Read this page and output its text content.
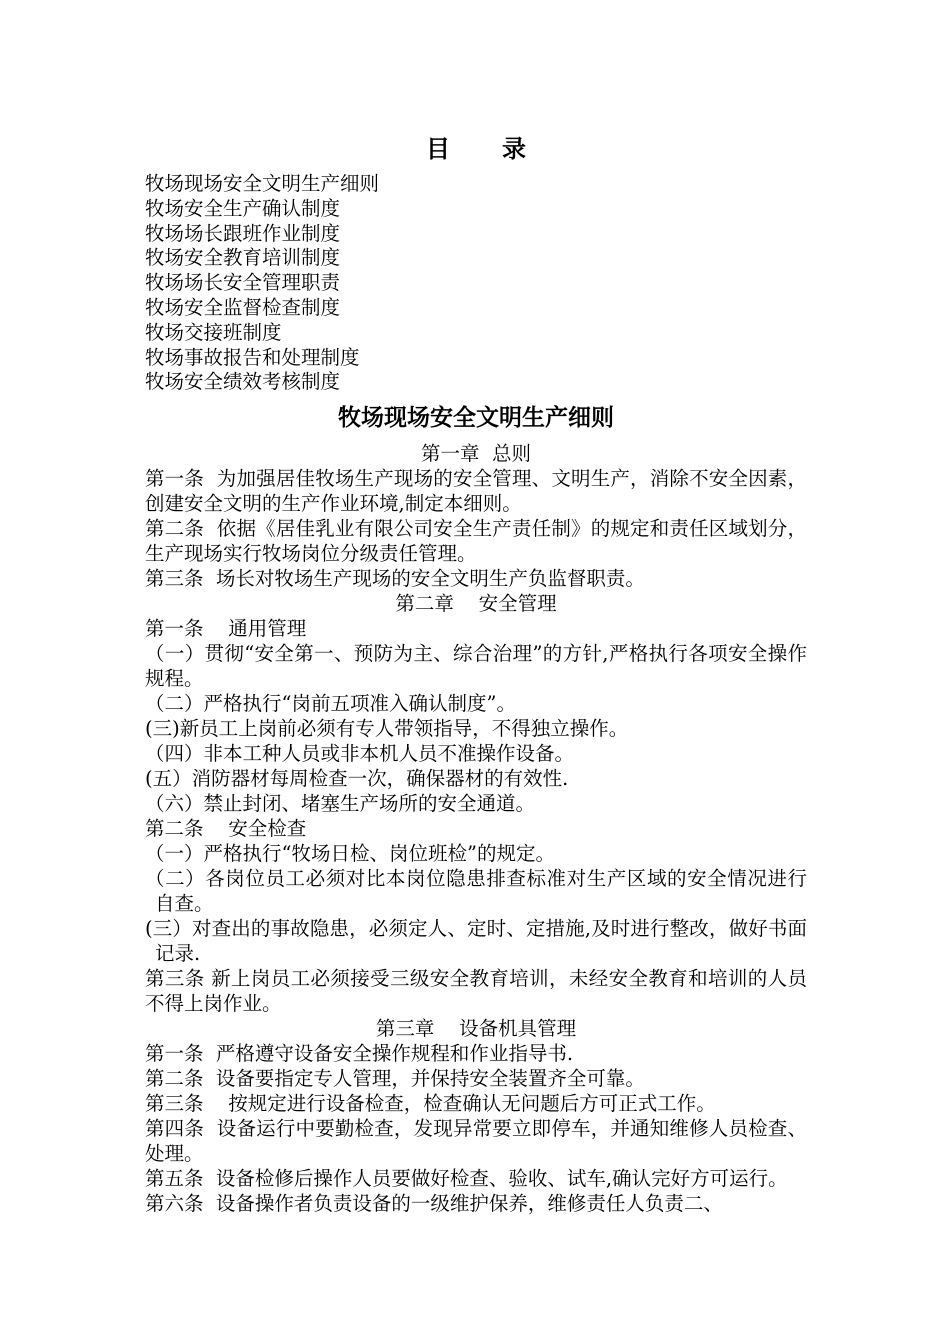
目录
牧场现场安全文明生产细则
牧场安全生产确认制度
牧场场长跟班作业制度
牧场安全教育培训制度
牧场场长安全管理职责
牧场安全监督检查制度
牧场交接班制度
牧场事故报告和处理制度
牧场安全绩效考核制度
牧场现场安全文明生产细则
第一章  总则
第一条  为加强居佳牧场生产现场的安全管理、文明生产，消除不安全因素，创建安全文明的生产作业环境,制定本细则。
第二条  依据《居佳乳业有限公司安全生产责任制》的规定和责任区域划分，生产现场实行牧场岗位分级责任管理。
第三条  场长对牧场生产现场的安全文明生产负监督职责。
第二章    安全管理
第一条    通用管理
（一）贯彻“安全第一、预防为主、综合治理”的方针,严格执行各项安全操作规程。
（二）严格执行“岗前五项准入确认制度”。
(三)新员工上岗前必须有专人带领指导，不得独立操作。
（四）非本工种人员或非本机人员不准操作设备。
(五）消防器材每周检查一次，确保器材的有效性.
（六）禁止封闭、堵塞生产场所的安全通道。
第二条    安全检查
（一）严格执行“牧场日检、岗位班检”的规定。
（二）各岗位员工必须对比本岗位隐患排查标准对生产区域的安全情况进行自查。
(三）对查出的事故隐患，必须定人、定时、定措施,及时进行整改，做好书面记录.
第三条 新上岗员工必须接受三级安全教育培训，未经安全教育和培训的人员不得上岗作业。
第三章    设备机具管理
第一条  严格遵守设备安全操作规程和作业指导书.
第二条  设备要指定专人管理，并保持安全装置齐全可靠。
第三条    按规定进行设备检查，检查确认无问题后方可正式工作。
第四条  设备运行中要勤检查，发现异常要立即停车，并通知维修人员检查、处理。
第五条  设备检修后操作人员要做好检查、验收、试车,确认完好方可运行。
第六条  设备操作者负责设备的一级维护保养，维修责任人负责二、
